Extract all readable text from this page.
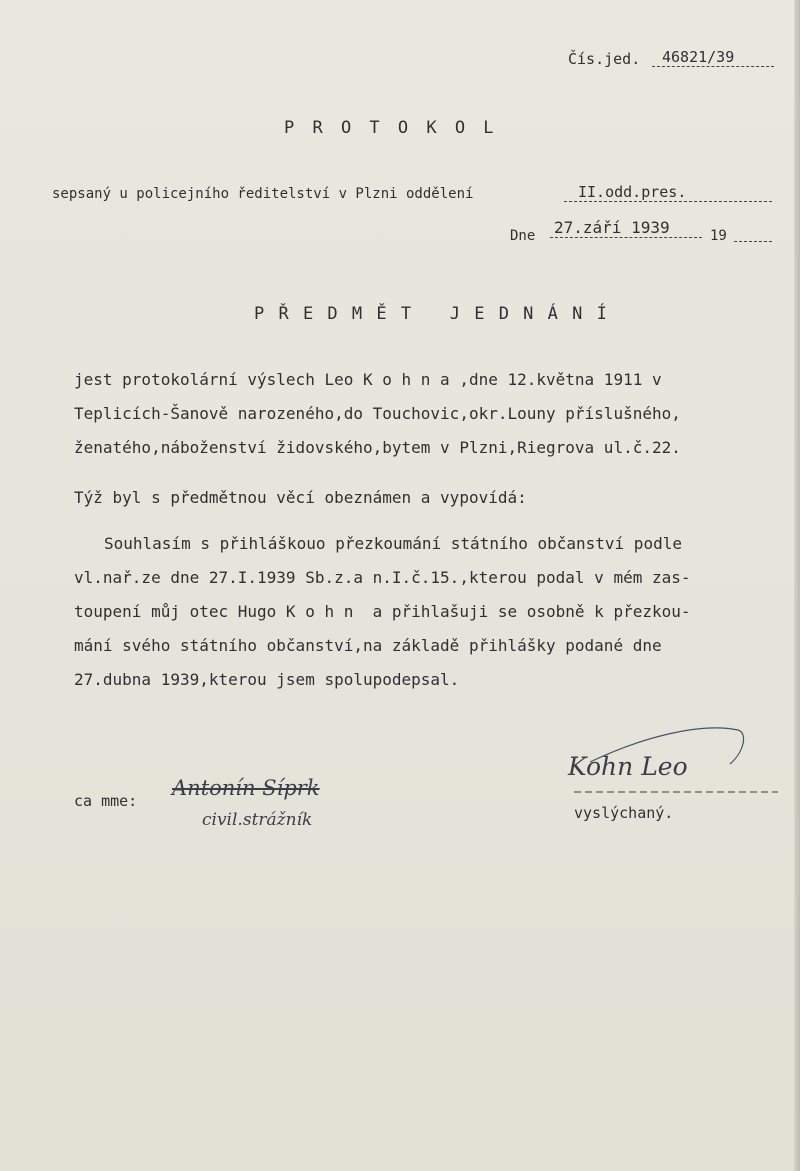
Čís.jed.	46821/39
P R O T O K O L
sepsaný u policejního ředitelství v Plzni oddělení	II.odd.pres.
Dne 27.září 1939	19
P Ř E D M Ě T   J E D N Á N Í
jest protokolární výslech Leo K o h n a ,dne 12.května 1911 v
Teplicích-Šanově narozeného,do Touchovic,okr.Louny příslušného,
ženatého,náboženství židovského,bytem v Plzni,Riegrova ul.č.22.
Týž byl s předmětnou věcí obeznámen a vypovídá:
Souhlasím s přihláškouo přezkoumání státního občanství podle
vl.nař.ze dne 27.I.1939 Sb.z.a n.I.č.15.,kterou podal v mém zas-
toupení můj otec Hugo K o h n  a přihlašuji se osobně k přezkou-
mání svého státního občanství,na základě přihlášky podané dne
27.dubna 1939,kterou jsem spolupodepsal.
ca mme:
Antonín Síprk
civil.strážník
Kohn Leo
vyslýchaný.
